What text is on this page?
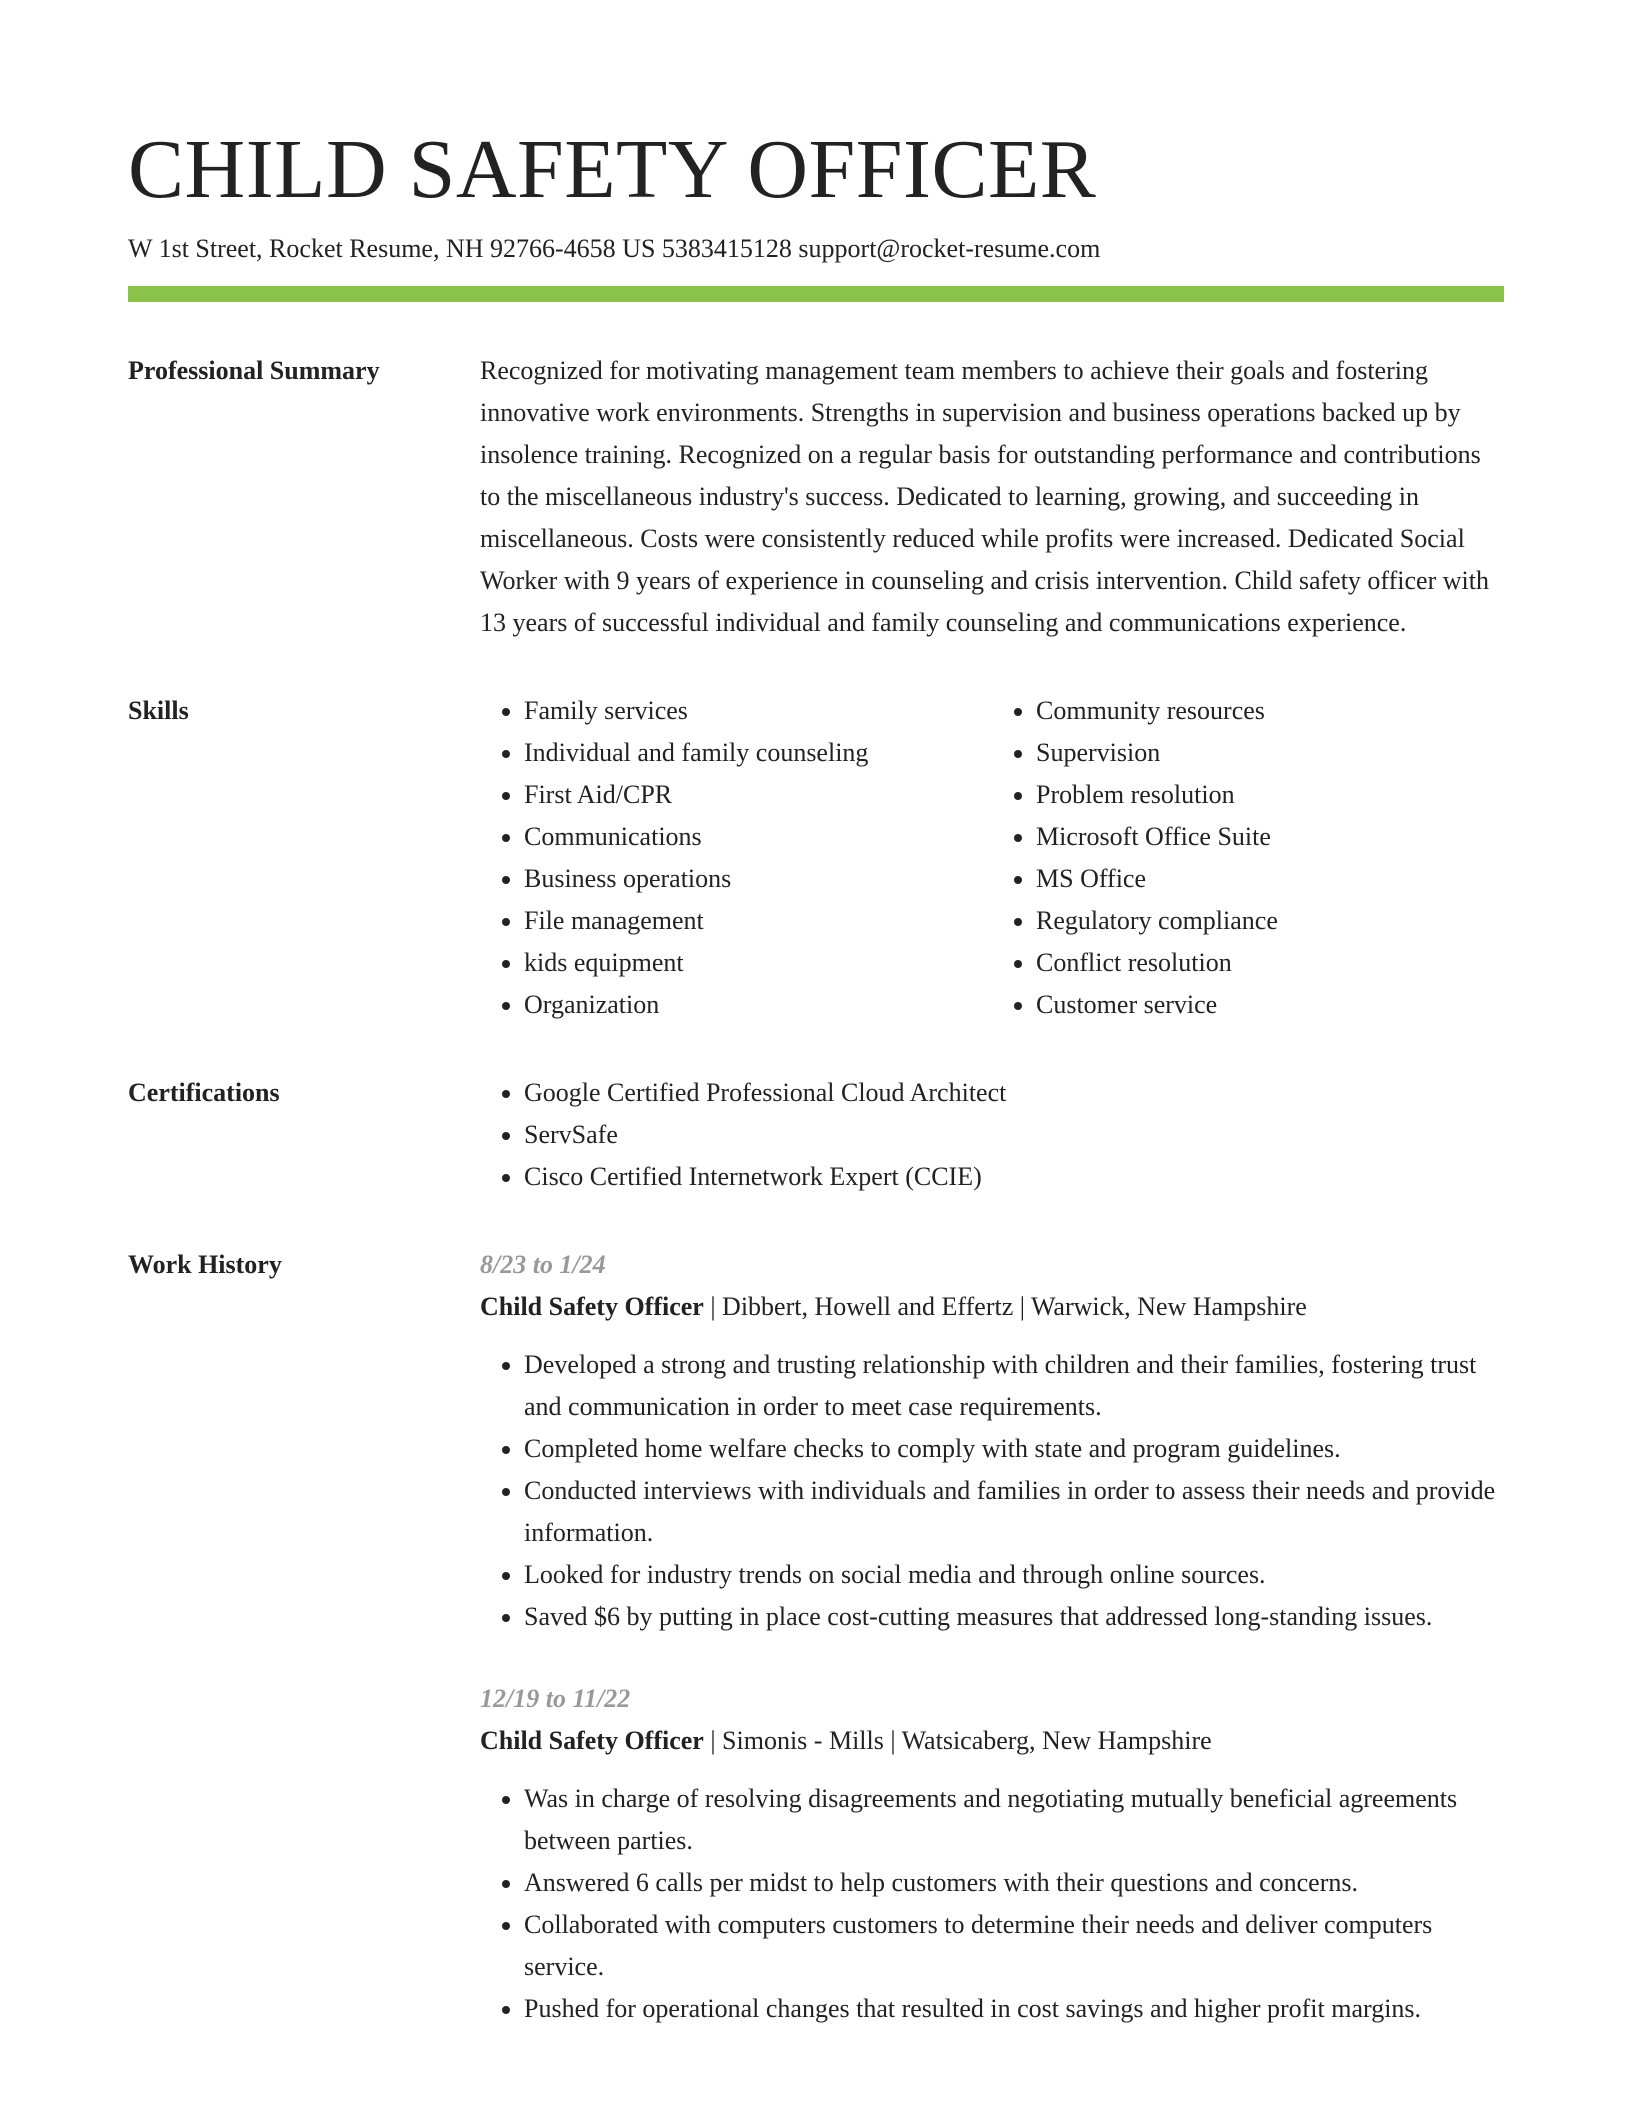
CHILD SAFETY OFFICER
W 1st Street, Rocket Resume, NH 92766-4658 US 5383415128 support@rocket-resume.com
Professional Summary	Recognized for motivating management team members to achieve their goals and fostering innovative work environments. Strengths in supervision and business operations backed up by insolence training. Recognized on a regular basis for outstanding performance and contributions to the miscellaneous industry's success. Dedicated to learning, growing, and succeeding in miscellaneous. Costs were consistently reduced while profits were increased. Dedicated Social Worker with 9 years of experience in counseling and crisis intervention. Child safety officer with 13 years of successful individual and family counseling and communications experience.

Skills	• Family services
• Individual and family counseling
• First Aid/CPR
• Communications
• Business operations
• File management
• kids equipment
• Organization
• Community resources
• Supervision
• Problem resolution
• Microsoft Office Suite
• MS Office
• Regulatory compliance
• Conflict resolution
• Customer service
Certifications	• Google Certified Professional Cloud Architect
• ServSafe
• Cisco Certified Internetwork Expert (CCIE)
Work History	8/23 to 1/24
Child Safety Officer | Dibbert, Howell and Effertz | Warwick, New Hampshire
• Developed a strong and trusting relationship with children and their families, fostering trust and communication in order to meet case requirements.
• Completed home welfare checks to comply with state and program guidelines.
• Conducted interviews with individuals and families in order to assess their needs and provide information.
• Looked for industry trends on social media and through online sources.
• Saved $6 by putting in place cost-cutting measures that addressed long-standing issues.
12/19 to 11/22
Child Safety Officer | Simonis - Mills | Watsicaberg, New Hampshire
• Was in charge of resolving disagreements and negotiating mutually beneficial agreements between parties.
• Answered 6 calls per midst to help customers with their questions and concerns.
• Collaborated with computers customers to determine their needs and deliver computers service.
• Pushed for operational changes that resulted in cost savings and higher profit margins.
